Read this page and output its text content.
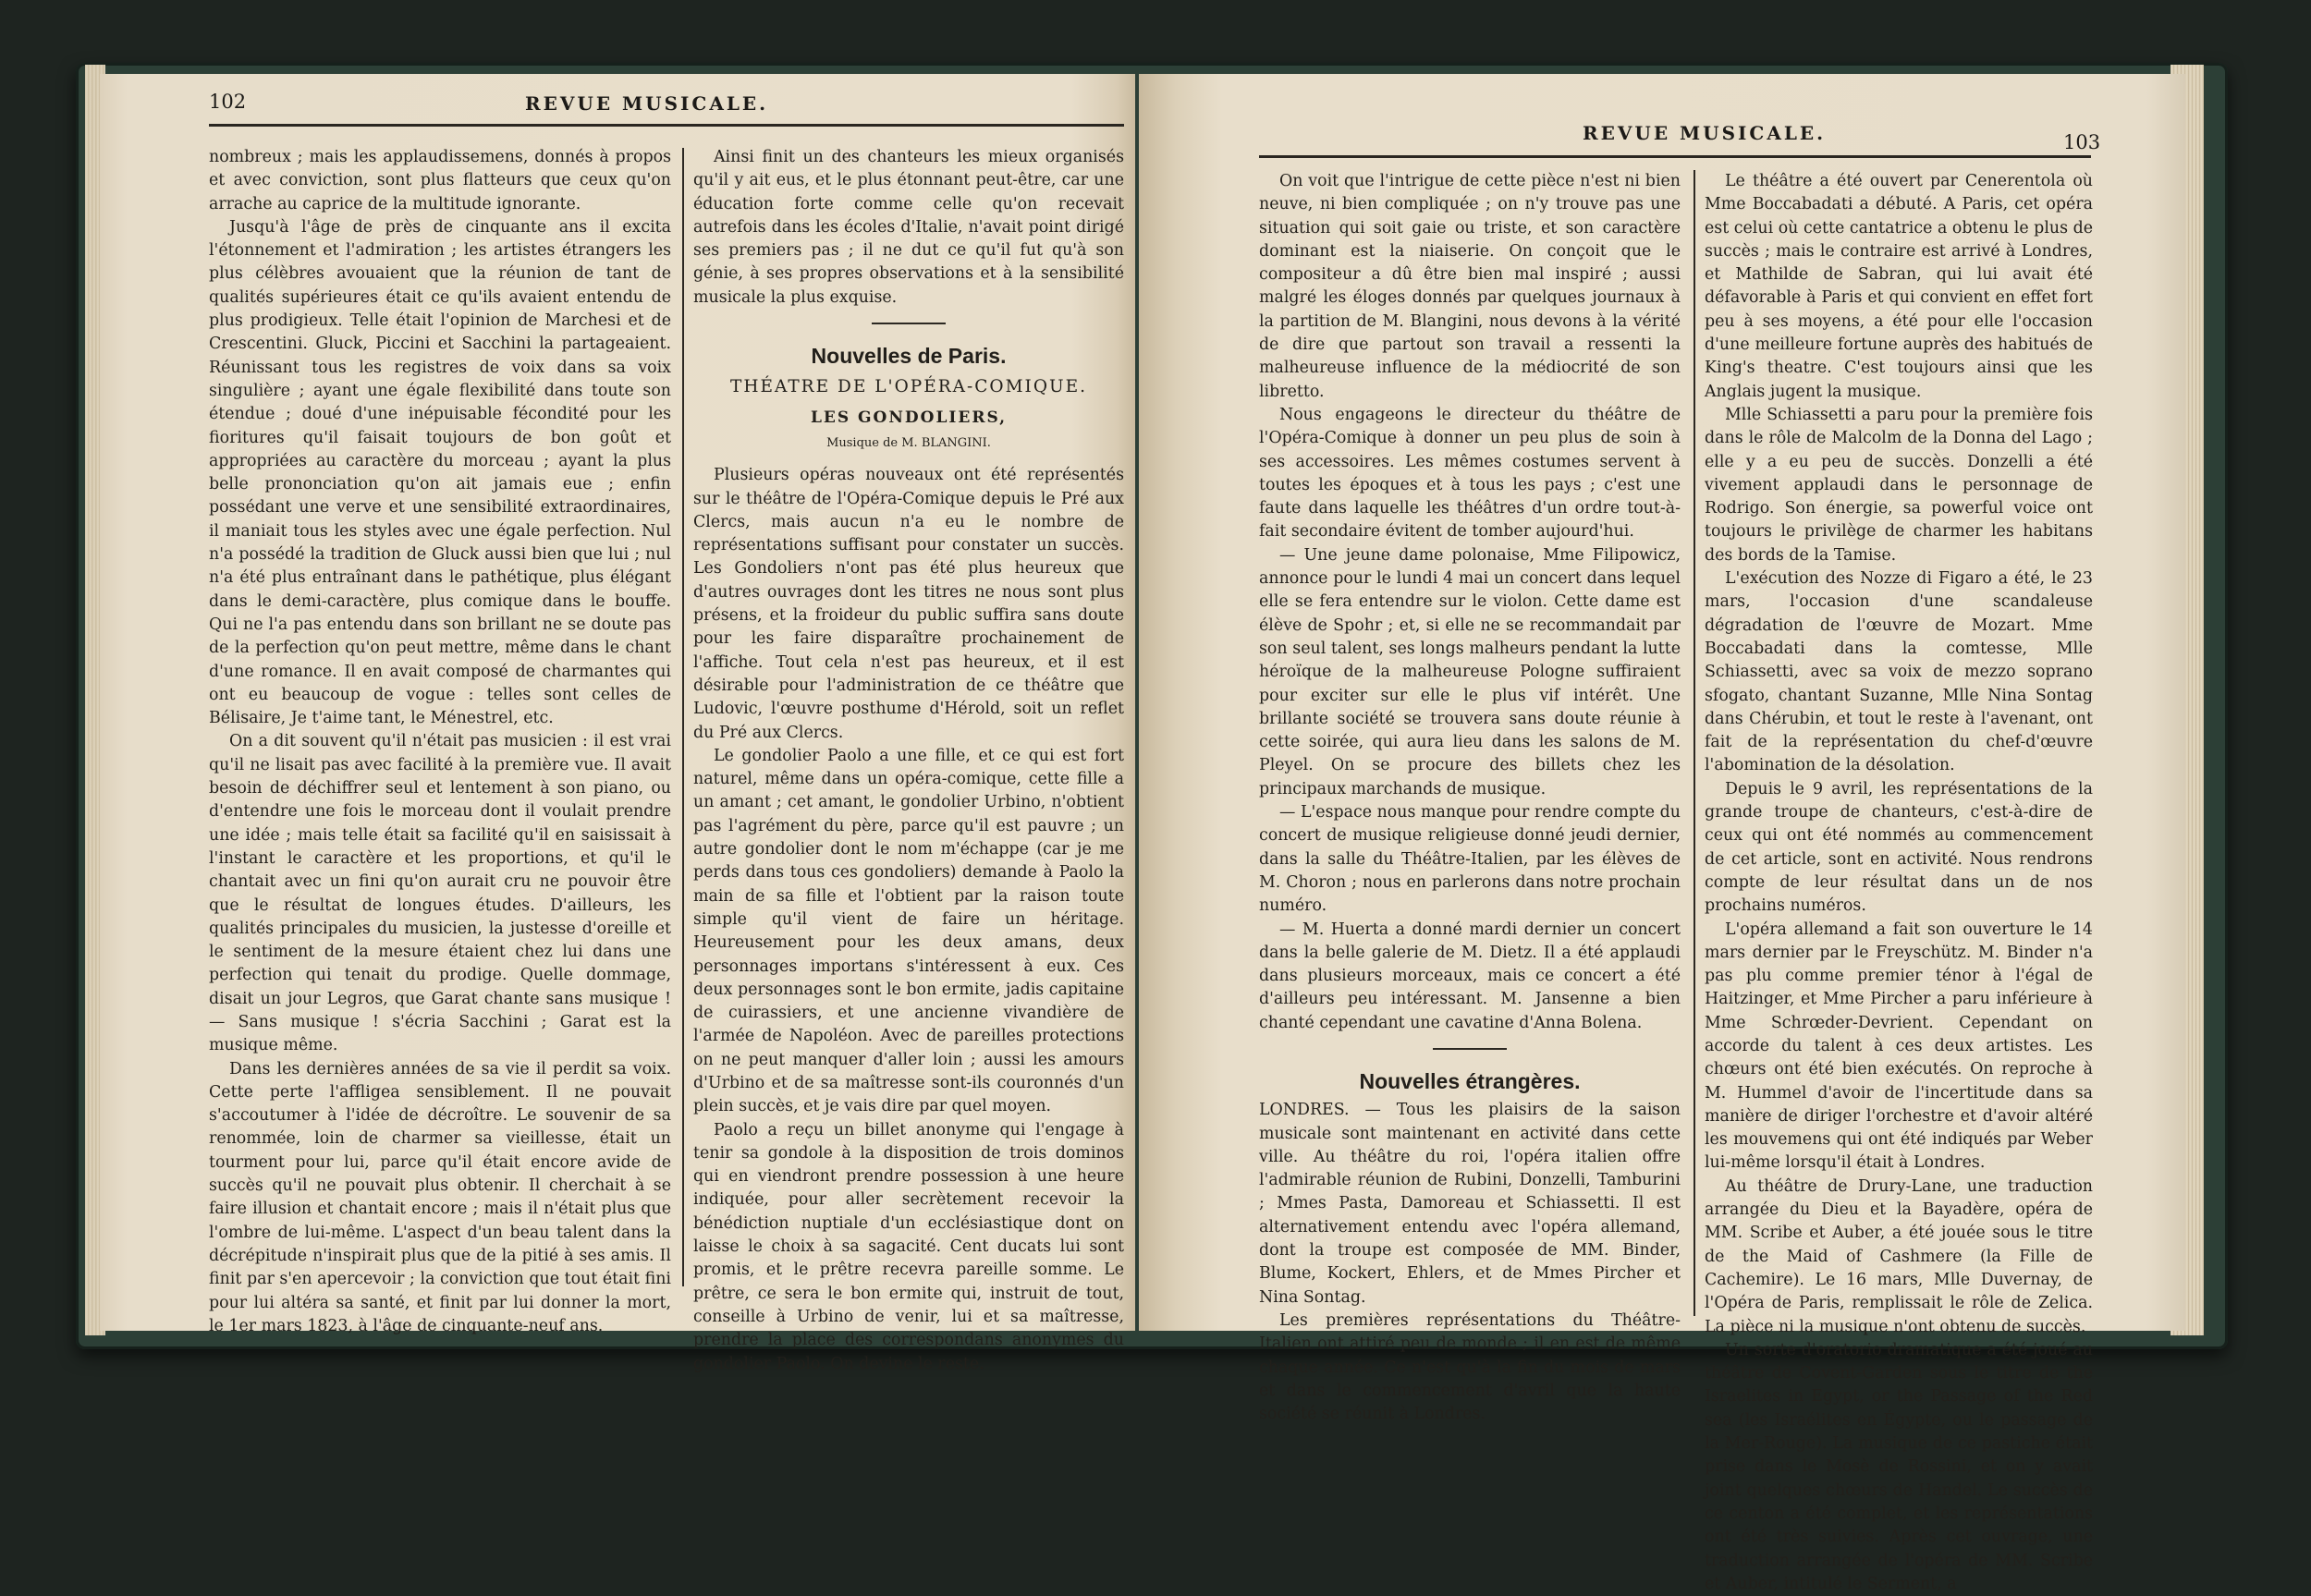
102	REVUE MUSICALE.

nombreux ; mais les applaudissemens, donnés à propos et avec conviction, sont plus flatteurs que ceux qu'on arrache au caprice de la multitude ignorante.

Jusqu'à l'âge de près de cinquante ans il excita l'étonnement et l'admiration ; les artistes étrangers les plus célèbres avouaient que la réunion de tant de qualités supérieures était ce qu'ils avaient entendu de plus prodigieux. Telle était l'opinion de Marchesi et de Crescentini. Gluck, Piccini et Sacchini la partageaient. Réunissant tous les registres de voix dans sa voix singulière ; ayant une égale flexibilité dans toute son étendue ; doué d'une inépuisable fécondité pour les fioritures qu'il faisait toujours de bon goût et appropriées au caractère du morceau ; ayant la plus belle prononciation qu'on ait jamais eue ; enfin possédant une verve et une sensibilité extraordinaires, il maniait tous les styles avec une égale perfection. Nul n'a possédé la tradition de Gluck aussi bien que lui ; nul n'a été plus entraînant dans le pathétique, plus élégant dans le demi-caractère, plus comique dans le bouffe. Qui ne l'a pas entendu dans son brillant ne se doute pas de la perfection qu'on peut mettre, même dans le chant d'une romance. Il en avait composé de charmantes qui ont eu beaucoup de vogue : telles sont celles de Bélisaire, Je t'aime tant, le Ménestrel, etc.

On a dit souvent qu'il n'était pas musicien : il est vrai qu'il ne lisait pas avec facilité à la première vue. Il avait besoin de déchiffrer seul et lentement à son piano, ou d'entendre une fois le morceau dont il voulait prendre une idée ; mais telle était sa facilité qu'il en saisissait à l'instant le caractère et les proportions, et qu'il le chantait avec un fini qu'on aurait cru ne pouvoir être que le résultat de longues études. D'ailleurs, les qualités principales du musicien, la justesse d'oreille et le sentiment de la mesure étaient chez lui dans une perfection qui tenait du prodige. Quelle dommage, disait un jour Legros, que Garat chante sans musique ! — Sans musique ! s'écria Sacchini ; Garat est la musique même.

Dans les dernières années de sa vie il perdit sa voix. Cette perte l'affligea sensiblement. Il ne pouvait s'accoutumer à l'idée de décroître. Le souvenir de sa renommée, loin de charmer sa vieillesse, était un tourment pour lui, parce qu'il était encore avide de succès qu'il ne pouvait plus obtenir. Il cherchait à se faire illusion et chantait encore ; mais il n'était plus que l'ombre de lui-même. L'aspect d'un beau talent dans la décrépitude n'inspirait plus que de la pitié à ses amis. Il finit par s'en apercevoir ; la conviction que tout était fini pour lui altéra sa santé, et finit par lui donner la mort, le 1er mars 1823, à l'âge de cinquante-neuf ans.

Ainsi finit un des chanteurs les mieux organisés qu'il y ait eus, et le plus étonnant peut-être, car une éducation forte comme celle qu'on recevait autrefois dans les écoles d'Italie, n'avait point dirigé ses premiers pas ; il ne dut ce qu'il fut qu'à son génie, à ses propres observations et à la sensibilité musicale la plus exquise.

Nouvelles de Paris.
THÉATRE DE L'OPÉRA-COMIQUE.
LES GONDOLIERS,
Musique de M. BLANGINI.

Plusieurs opéras nouveaux ont été représentés sur le théâtre de l'Opéra-Comique depuis le Pré aux Clercs, mais aucun n'a eu le nombre de représentations suffisant pour constater un succès. Les Gondoliers n'ont pas été plus heureux que d'autres ouvrages dont les titres ne nous sont plus présens, et la froideur du public suffira sans doute pour les faire disparaître prochainement de l'affiche. Tout cela n'est pas heureux, et il est désirable pour l'administration de ce théâtre que Ludovic, l'œuvre posthume d'Hérold, soit un reflet du Pré aux Clercs.

Le gondolier Paolo a une fille, et ce qui est fort naturel, même dans un opéra-comique, cette fille a un amant ; cet amant, le gondolier Urbino, n'obtient pas l'agrément du père, parce qu'il est pauvre ; un autre gondolier dont le nom m'échappe (car je me perds dans tous ces gondoliers) demande à Paolo la main de sa fille et l'obtient par la raison toute simple qu'il vient de faire un héritage. Heureusement pour les deux amans, deux personnages importans s'intéressent à eux. Ces deux personnages sont le bon ermite, jadis capitaine de cuirassiers, et une ancienne vivandière de l'armée de Napoléon. Avec de pareilles protections on ne peut manquer d'aller loin ; aussi les amours d'Urbino et de sa maîtresse sont-ils couronnés d'un plein succès, et je vais dire par quel moyen.

Paolo a reçu un billet anonyme qui l'engage à tenir sa gondole à la disposition de trois dominos qui en viendront prendre possession à une heure indiquée, pour aller secrètement recevoir la bénédiction nuptiale d'un ecclésiastique dont on laisse le choix à sa sagacité. Cent ducats lui sont promis, et le prêtre recevra pareille somme. Le prêtre, ce sera le bon ermite qui, instruit de tout, conseille à Urbino de venir, lui et sa maîtresse, prendre la place des correspondans anonymes du gondolier Paolo. On devine le reste.

REVUE MUSICALE.	103

On voit que l'intrigue de cette pièce n'est ni bien neuve, ni bien compliquée ; on n'y trouve pas une situation qui soit gaie ou triste, et son caractère dominant est la niaiserie. On conçoit que le compositeur a dû être bien mal inspiré ; aussi malgré les éloges donnés par quelques journaux à la partition de M. Blangini, nous devons à la vérité de dire que partout son travail a ressenti la malheureuse influence de la médiocrité de son libretto.

Nous engageons le directeur du théâtre de l'Opéra-Comique à donner un peu plus de soin à ses accessoires. Les mêmes costumes servent à toutes les époques et à tous les pays ; c'est une faute dans laquelle les théâtres d'un ordre tout-à-fait secondaire évitent de tomber aujourd'hui.

— Une jeune dame polonaise, Mme Filipowicz, annonce pour le lundi 4 mai un concert dans lequel elle se fera entendre sur le violon. Cette dame est élève de Spohr ; et, si elle ne se recommandait par son seul talent, ses longs malheurs pendant la lutte héroïque de la malheureuse Pologne suffiraient pour exciter sur elle le plus vif intérêt. Une brillante société se trouvera sans doute réunie à cette soirée, qui aura lieu dans les salons de M. Pleyel. On se procure des billets chez les principaux marchands de musique.

— L'espace nous manque pour rendre compte du concert de musique religieuse donné jeudi dernier, dans la salle du Théâtre-Italien, par les élèves de M. Choron ; nous en parlerons dans notre prochain numéro.

— M. Huerta a donné mardi dernier un concert dans la belle galerie de M. Dietz. Il a été applaudi dans plusieurs morceaux, mais ce concert a été d'ailleurs peu intéressant. M. Jansenne a bien chanté cependant une cavatine d'Anna Bolena.

Nouvelles étrangères.

LONDRES. — Tous les plaisirs de la saison musicale sont maintenant en activité dans cette ville. Au théâtre du roi, l'opéra italien offre l'admirable réunion de Rubini, Donzelli, Tamburini ; Mmes Pasta, Damoreau et Schiassetti. Il est alternativement entendu avec l'opéra allemand, dont la troupe est composée de MM. Binder, Blume, Kockert, Ehlers, et de Mmes Pircher et Nina Sontag.

Les premières représentations du Théâtre-Italien ont attiré peu de monde ; il en est de même chaque année. Ce n'est qu'à la fin du mois de mars et dans le commencement d'avril que la haute société se réunit à Londres.

Le théâtre a été ouvert par Cenerentola où Mme Boccabadati a débuté. A Paris, cet opéra est celui où cette cantatrice a obtenu le plus de succès ; mais le contraire est arrivé à Londres, et Mathilde de Sabran, qui lui avait été défavorable à Paris et qui convient en effet fort peu à ses moyens, a été pour elle l'occasion d'une meilleure fortune auprès des habitués de King's theatre. C'est toujours ainsi que les Anglais jugent la musique.

Mlle Schiassetti a paru pour la première fois dans le rôle de Malcolm de la Donna del Lago ; elle y a eu peu de succès. Donzelli a été vivement applaudi dans le personnage de Rodrigo. Son énergie, sa powerful voice ont toujours le privilège de charmer les habitans des bords de la Tamise.

L'exécution des Nozze di Figaro a été, le 23 mars, l'occasion d'une scandaleuse dégradation de l'œuvre de Mozart. Mme Boccabadati dans la comtesse, Mlle Schiassetti, avec sa voix de mezzo soprano sfogato, chantant Suzanne, Mlle Nina Sontag dans Chérubin, et tout le reste à l'avenant, ont fait de la représentation du chef-d'œuvre l'abomination de la désolation.

Depuis le 9 avril, les représentations de la grande troupe de chanteurs, c'est-à-dire de ceux qui ont été nommés au commencement de cet article, sont en activité. Nous rendrons compte de leur résultat dans un de nos prochains numéros.

L'opéra allemand a fait son ouverture le 14 mars dernier par le Freyschütz. M. Binder n'a pas plu comme premier ténor à l'égal de Haitzinger, et Mme Pircher a paru inférieure à Mme Schrœder-Devrient. Cependant on accorde du talent à ces deux artistes. Les chœurs ont été bien exécutés. On reproche à M. Hummel d'avoir de l'incertitude dans sa manière de diriger l'orchestre et d'avoir altéré les mouvemens qui ont été indiqués par Weber lui-même lorsqu'il était à Londres.

Au théâtre de Drury-Lane, une traduction arrangée du Dieu et la Bayadère, opéra de MM. Scribe et Auber, a été jouée sous le titre de the Maid of Cashmere (la Fille de Cachemire). Le 16 mars, Mlle Duvernay, de l'Opéra de Paris, remplissait le rôle de Zelica. La pièce ni la musique n'ont obtenu de succès.

Un sorte d'oratorio dramatique a été joué au théâtre de Covent-Garden sous le titre de the Israelites in Egypt, or the Passage of the Red sea (les Israélites en Égypte, ou le passage de la Mer-Rouge). La musique de ce pastiche était prise dans le Mosè de Rossini, et on y avait joint quelques chœurs de Handel. Le succès de ce centon a été complet, et les représentations ont été très suivies. Après cet ouvrage, une traduction arrangée de l'opéra de MM. Scribe et Auber, intitulé le Serment, a
